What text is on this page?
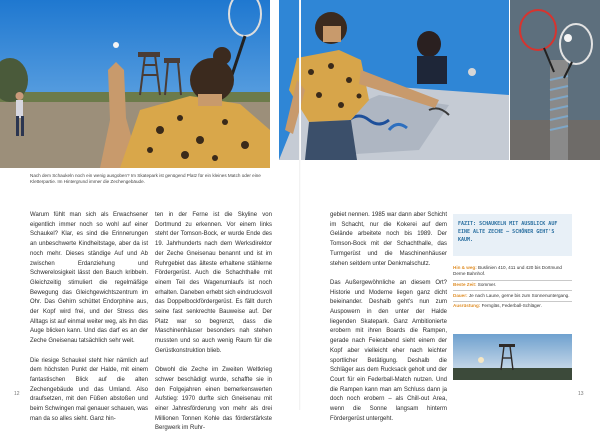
Nach dem Schaukeln noch ein wenig ausgoben? Im Skatepark ist genügend Platz für ein kleines Match oder eine Kletterpartie. Im Hintergrund immer die Zechengebäude.

Warum fühlt man sich als Erwachsener eigentlich immer noch so wohl auf einer Schaukel? Klar, es sind die Erinnerungen an unbeschwerte Kindheitstage, aber da ist noch mehr. Dieses ständige Auf und Ab zwischen Erdanziehung und Schwerelosigkeit lässt den Bauch kribbeln. Gleichzeitig stimuliert die regelmäßige Bewegung das Gleichgewichtszentrum im Ohr. Das Gehirn schüttet Endorphine aus, der Kopf wird frei, und der Stress des Alltags ist auf einmal weiter weg, als ihn das Auge blicken kann. Und das darf es an der Zeche Gneisenau tatsächlich sehr weit.

Die riesige Schaukel steht hier nämlich auf dem höchsten Punkt der Halde, mit einem fantastischen Blick auf die alten Zechengebäude und das Umland. Also draufsetzen, mit den Füßen abstoßen und beim Schwingen mal genauer schauen, was man da so alles sieht. Ganz hin-

ten in der Ferne ist die Skyline von Dortmund zu erkennen. Vor einem links steht der Tomson-Bock, er wurde Ende des 19. Jahrhunderts nach dem Werksdirektor der Zeche Gneisenau benannt und ist im Ruhrgebiet das älteste erhaltene stählerne Fördergerüst. Auch die Schachthalle mit einem Teil des Wagenumlaufs ist noch erhalten. Daneben erhebt sich eindrucksvoll das Doppelbockfördergerüst. Es fällt durch seine fast senkrechte Bauweise auf. Der Platz war so begrenzt, dass die Maschinenhäuser besonders nah stehen mussten und so auch wenig Raum für die Gerüstkonstruktion blieb.

Obwohl die Zeche im Zweiten Weltkrieg schwer beschädigt wurde, schaffte sie in den Folgejahren einen bemerkenswerten Aufstieg: 1970 durfte sich Gneisenau mit einer Jahresförderung von mehr als drei Millionen Tonnen Kohle das förderstärkste Bergwerk im Ruhr-

gebiet nennen. 1985 war dann aber Schicht im Schacht, nur die Kokerei auf dem Gelände arbeitete noch bis 1989. Der Tomson-Bock mit der Schachthalle, das Turmgerüst und die Maschinenhäuser stehen seitdem unter Denkmalschutz.

Das Außergewöhnliche an diesem Ort? Historie und Moderne liegen ganz dicht beieinander. Deshalb geht's nun zum Auspowern in den unter der Halde liegenden Skatepark. Ganz Ambitionierte erobern mit ihren Boards die Rampen, gerade nach Feierabend sieht einem der Kopf aber vielleicht eher nach leichter sportlicher Betätigung. Deshalb die Schläger aus dem Rucksack geholt und der Court für ein Federball-Match nutzen. Und die Rampen kann man am Schluss dann ja doch noch erobern – als Chill-out Area, wenn die Sonne langsam hinterm Fördergerüst untergeht.

FAZIT: SCHAUKELN MIT AUSBLICK AUF EINE ALTE ZECHE – SCHÖNER GEHT'S KAUM.
Hin & weg: Buslinien 410, 411 und 420 bis Dortmund Derne Bahnhof.
Beste Zeit: Sommer.
Dauer: Je nach Laune, gerne bis zum Sonnenuntergang.
Ausrüstung: Ferngläs, Federball-Schläger.
12	13
